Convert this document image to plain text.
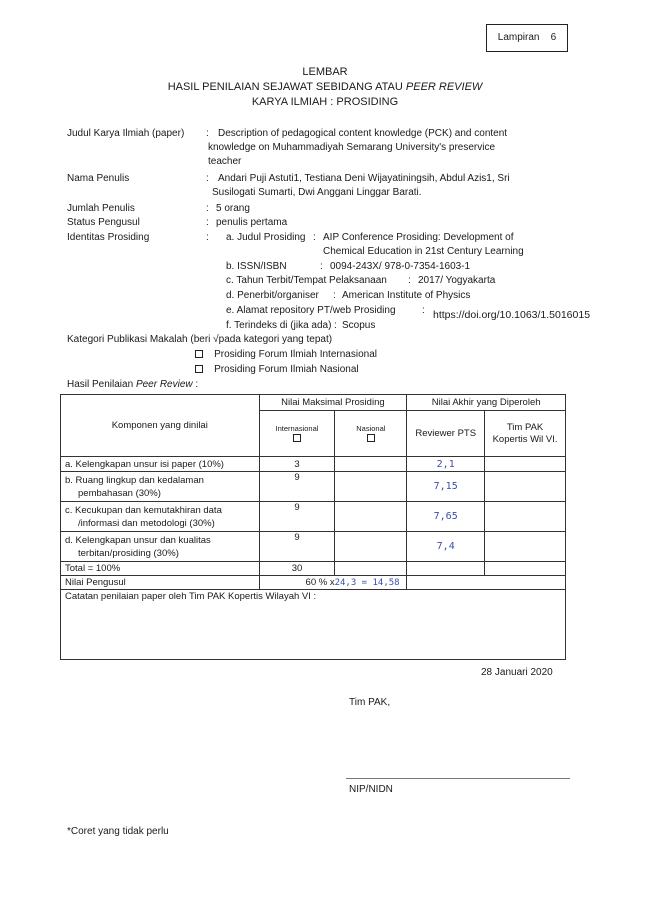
Lampiran 6
LEMBAR
HASIL PENILAIAN SEJAWAT SEBIDANG ATAU PEER REVIEW
KARYA ILMIAH : PROSIDING
Judul Karya Ilmiah (paper) : Description of pedagogical content knowledge (PCK) and content
knowledge on Muhammadiyah Semarang University's preservice
teacher
Nama Penulis	: Andari Puji Astuti1, Testiana Deni Wijayatiningsih, Abdul Azis1, Sri
Susilogati Sumarti, Dwi Anggani Linggar Barati.
Jumlah Penulis	: 5 orang
Status Pengusul	: penulis pertama
Identitas Prosiding	: a. Judul Prosiding : AIP Conference Prosiding: Development of
Chemical Education in 21st Century Learning
b. ISSN/ISBN	: 0094-243X/ 978-0-7354-1603-1
c. Tahun Terbit/Tempat Pelaksanaan : 2017/ Yogyakarta
d. Penerbit/organiser : American Institute of Physics
e. Alamat repository PT/web Prosiding	: https://doi.org/10.1063/1.5016015
f. Terindeks di (jika ada) : Scopus
Kategori Publikasi Makalah (beri √pada kategori yang tepat)
Prosiding Forum Ilmiah Internasional
Prosiding Forum Ilmiah Nasional
Hasil Penilaian Peer Review :
Komponen yang dinilai	Nilai Maksimal Prosiding		Nilai Akhir yang Diperoleh	

	Internasional	Nasional	Reviewer PTS	Tim PAK Kopertis Wil VI.
a. Kelengkapan unsur isi paper (10%)	3		2,1	

b. Ruang lingkup dan kedalaman
pembahasan (30%)	9		7,15	

c. Kecukupan dan kemutakhiran data
/informasi dan metodologi (30%)	9		7,65	

d. Kelengkapan unsur dan kualitas
terbitan/prosiding (30%)	9		7,4	
Total = 100%	30			
Nilai Pengusul	60 % x24,3 = 14,58			
Catatan penilaian paper oleh Tim PAK Kopertis Wilayah VI :				
28 Januari 2020
Tim PAK,
NIP/NIDN
*Coret yang tidak perlu
